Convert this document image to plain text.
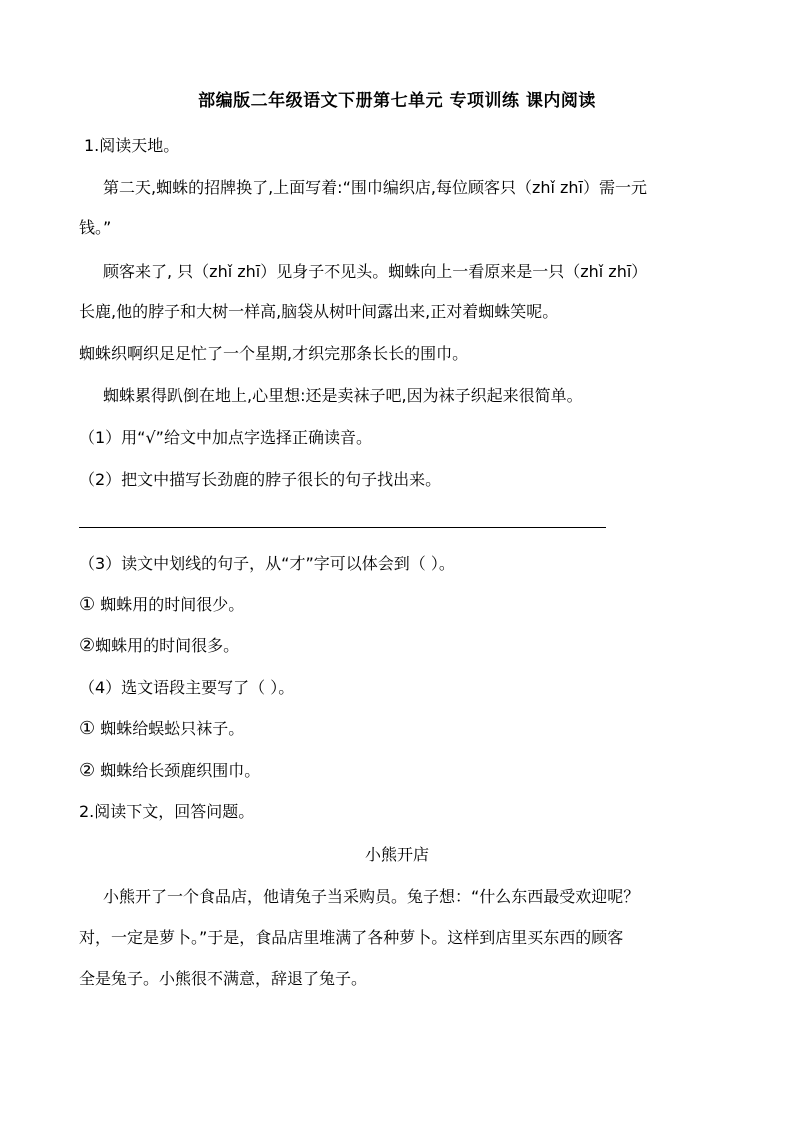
部编版二年级语文下册第七单元 专项训练 课内阅读
1.阅读天地。
第二天,蜘蛛的招牌换了,上面写着:“围巾编织店,每位顾客只（zhǐ zhī）需一元
钱。”
顾客来了, 只（zhǐ zhī）见身子不见头。蜘蛛向上一看原来是一只（zhǐ zhī）
长鹿,他的脖子和大树一样高,脑袋从树叶间露出来,正对着蜘蛛笑呢。
蜘蛛织啊织足足忙了一个星期,才织完那条长长的围巾。
蜘蛛累得趴倒在地上,心里想:还是卖袜子吧,因为袜子织起来很简单。
（1）用“√”给文中加点字选择正确读音。
（2）把文中描写长劲鹿的脖子很长的句子找出来。
（3）读文中划线的句子，从“才”字可以体会到（ ）。
① 蜘蛛用的时间很少。
②蜘蛛用的时间很多。
（4）选文语段主要写了（ ）。
① 蜘蛛给蜈蚣只袜子。
② 蜘蛛给长颈鹿织围巾。
2.阅读下文，回答问题。
小熊开店
小熊开了一个食品店，他请兔子当采购员。兔子想：“什么东西最受欢迎呢？
对，一定是萝卜。”于是，食品店里堆满了各种萝卜。这样到店里买东西的顾客
全是兔子。小熊很不满意，辞退了兔子。
